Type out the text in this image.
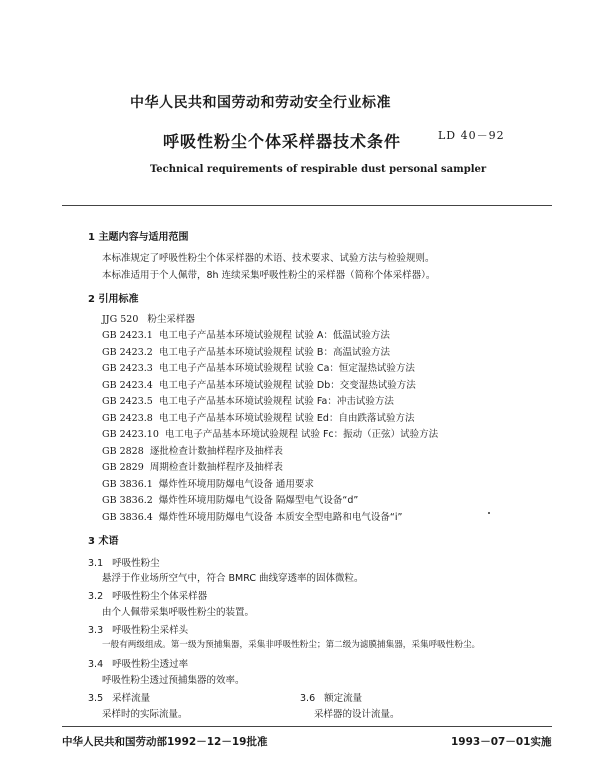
中华人民共和国劳动和劳动安全行业标准
呼吸性粉尘个体采样器技术条件	LD 40－92
Technical requirements of respirable dust personal sampler
1 主题内容与适用范围
本标准规定了呼吸性粉尘个体采样器的术语、技术要求、试验方法与检验规则。
本标准适用于个人佩带，8h 连续采集呼吸性粉尘的采样器（简称个体采样器）。
2 引用标准
JJG 520 粉尘采样器
GB 2423.1 电工电子产品基本环境试验规程 试验 A：低温试验方法
GB 2423.2 电工电子产品基本环境试验规程 试验 B：高温试验方法
GB 2423.3 电工电子产品基本环境试验规程 试验 Ca：恒定湿热试验方法
GB 2423.4 电工电子产品基本环境试验规程 试验 Db：交变湿热试验方法
GB 2423.5 电工电子产品基本环境试验规程 试验 Fa：冲击试验方法
GB 2423.8 电工电子产品基本环境试验规程 试验 Ed：自由跌落试验方法
GB 2423.10 电工电子产品基本环境试验规程 试验 Fc：振动（正弦）试验方法
GB 2828 逐批检查计数抽样程序及抽样表
GB 2829 周期检查计数抽样程序及抽样表
GB 3836.1 爆炸性环境用防爆电气设备 通用要求
GB 3836.2 爆炸性环境用防爆电气设备 隔爆型电气设备“d”
GB 3836.4 爆炸性环境用防爆电气设备 本质安全型电路和电气设备“i”
3 术语
3.1 呼吸性粉尘
悬浮于作业场所空气中，符合 BMRC 曲线穿透率的固体微粒。
3.2 呼吸性粉尘个体采样器
由个人佩带采集呼吸性粉尘的装置。
3.3 呼吸性粉尘采样头
一般有两级组成。第一级为预捕集器，采集非呼吸性粉尘；第二级为滤膜捕集器，采集呼吸性粉尘。
3.4 呼吸性粉尘透过率
呼吸性粉尘透过预捕集器的效率。
3.5 采样流量
采样时的实际流量。
3.6 额定流量
采样器的设计流量。
中华人民共和国劳动部1992－12－19批准	1993－07－01实施
